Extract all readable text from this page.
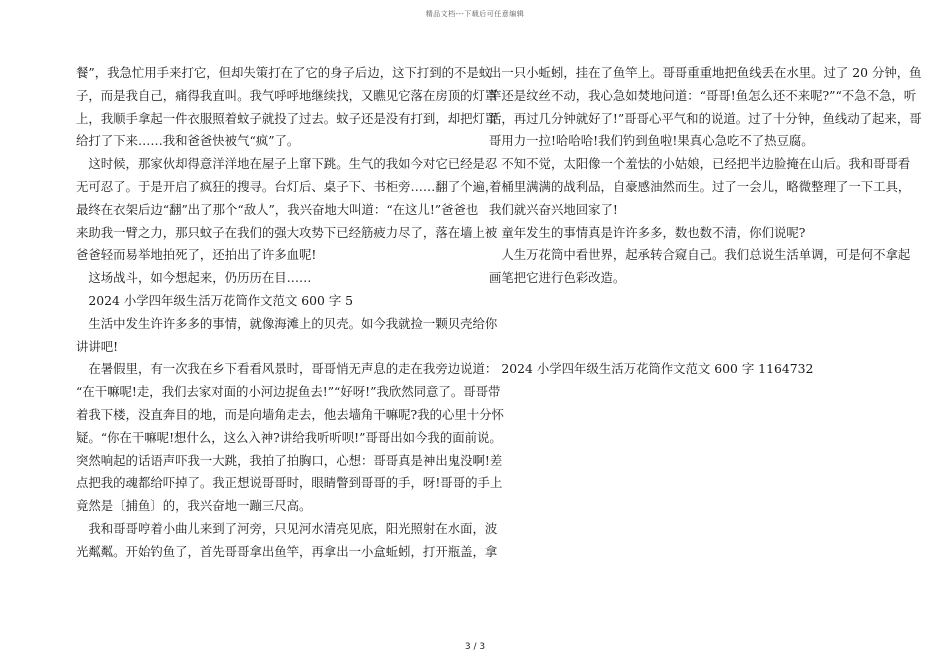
精品文档---下载后可任意编辑
餐”，我急忙用手来打它，但却失策打在了它的身子后边，这下打到的不是蚊
子，而是我自己，痛得我直叫。我气呼呼地继续找，又瞧见它落在房顶的灯罩
上，我顺手拿起一件衣服照着蚊子就投了过去。蚊子还是没有打到，却把灯罩
给打了下来……我和爸爸快被气“疯”了。
　这时候，那家伙却得意洋洋地在屋子上窜下跳。生气的我如今对它已经是忍
无可忍了。于是开启了疯狂的搜寻。台灯后、桌子下、书柜旁……翻了个遍，
最终在衣架后边“翻”出了那个“敌人”，我兴奋地大叫道：“在这儿!”爸爸也
来助我一臂之力，那只蚊子在我们的强大攻势下已经筋疲力尽了，落在墙上被
爸爸轻而易举地拍死了，还拍出了许多血呢!
　这场战斗，如今想起来，仍历历在目……
　2024 小学四年级生活万花筒作文范文 600 字 5
　生活中发生许许多多的事情，就像海滩上的贝壳。如今我就捡一颗贝壳给你
讲讲吧!
　在暑假里，有一次我在乡下看看风景时，哥哥悄无声息的走在我旁边说道：
“在干嘛呢!走，我们去家对面的小河边捉鱼去!”“好呀!”我欣然同意了。哥哥带
着我下楼，没直奔目的地，而是向墙角走去，他去墙角干嘛呢?我的心里十分怀
疑。“你在干嘛呢!想什么，这么入神?讲给我听听呗!”哥哥出如今我的面前说。
突然响起的话语声吓我一大跳，我拍了拍胸口，心想：哥哥真是神出鬼没啊!差
点把我的魂都给吓掉了。我正想说哥哥时，眼睛瞥到哥哥的手，呀!哥哥的手上
竟然是〔捕鱼〕的，我兴奋地一蹦三尺高。
　我和哥哥哼着小曲儿来到了河旁，只见河水清亮见底，阳光照射在水面，波
光粼粼。开始钓鱼了，首先哥哥拿出鱼竿，再拿出一小盒蚯蚓，打开瓶盖，拿
出一只小蚯蚓，挂在了鱼竿上。哥哥重重地把鱼线丢在水里。过了 20 分钟，鱼
竿还是纹丝不动，我心急如焚地问道：“哥哥!鱼怎么还不来呢?”“不急不急，听
话，再过几分钟就好了!”哥哥心平气和的说道。过了十分钟，鱼线动了起来，哥
哥用力一拉!哈哈哈!我们钓到鱼啦!果真心急吃不了热豆腐。
　不知不觉，太阳像一个羞怯的小姑娘，已经把半边脸掩在山后。我和哥哥看
着桶里满满的战利品，自豪感油然而生。过了一会儿，略微整理了一下工具，
我们就兴奋兴地回家了!
　童年发生的事情真是许许多多，数也数不清，你们说呢?
　人生万花筒中看世界，起承转合窥自己。我们总说生活单调，可是何不拿起
画笔把它进行色彩改造。
　2024 小学四年级生活万花筒作文范文 600 字 1164732
3 / 3
